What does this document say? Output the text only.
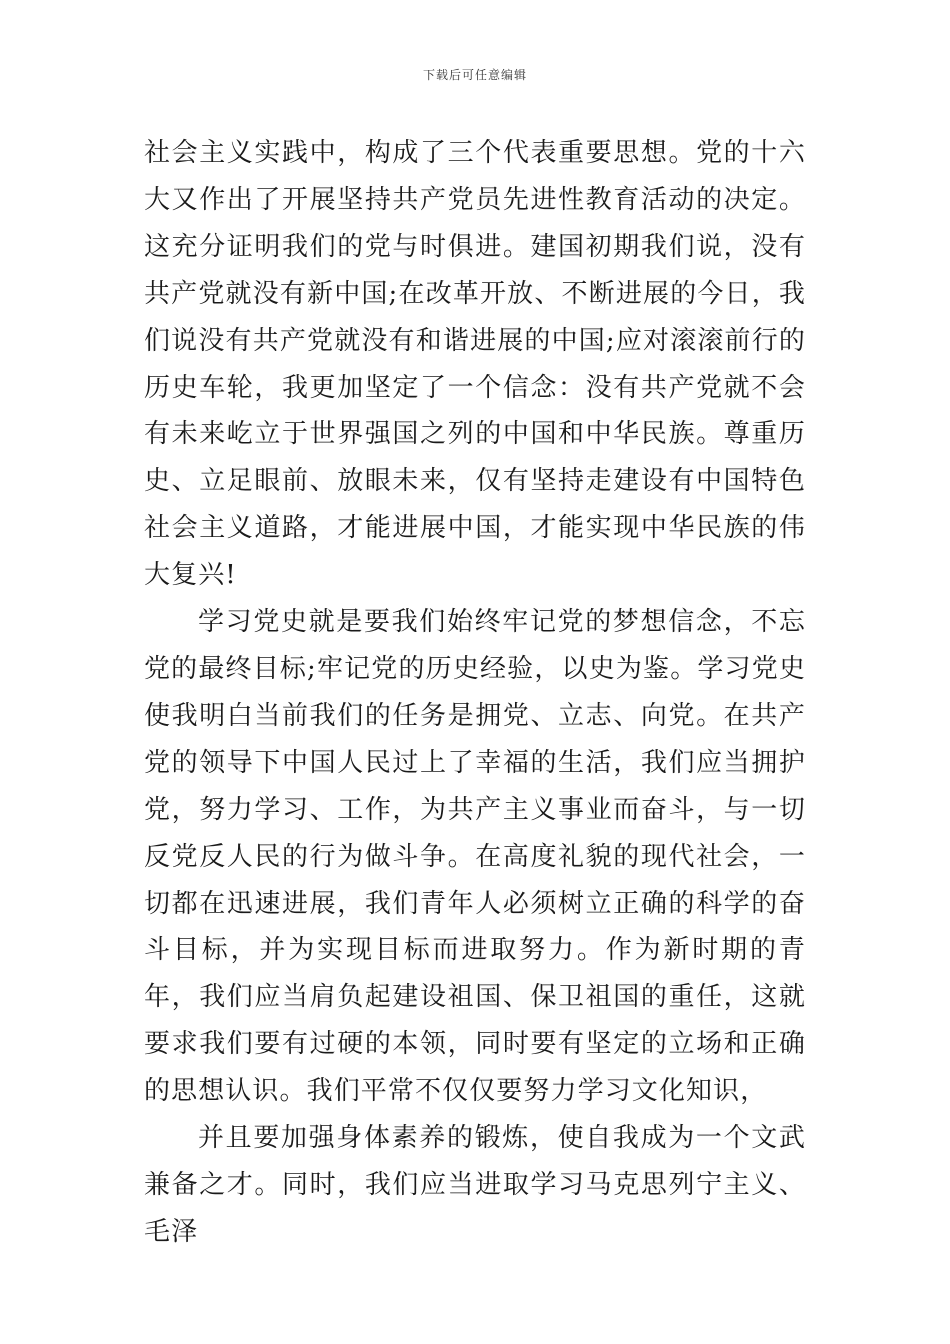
下载后可任意编辑

社会主义实践中，构成了三个代表重要思想。党的十六大又作出了开展坚持共产党员先进性教育活动的决定。这充分证明我们的党与时俱进。建国初期我们说，没有共产党就没有新中国;在改革开放、不断进展的今日，我们说没有共产党就没有和谐进展的中国;应对滚滚前行的历史车轮，我更加坚定了一个信念：没有共产党就不会有未来屹立于世界强国之列的中国和中华民族。尊重历史、立足眼前、放眼未来，仅有坚持走建设有中国特色社会主义道路，才能进展中国，才能实现中华民族的伟大复兴!

学习党史就是要我们始终牢记党的梦想信念，不忘党的最终目标;牢记党的历史经验，以史为鉴。学习党史使我明白当前我们的任务是拥党、立志、向党。在共产党的领导下中国人民过上了幸福的生活，我们应当拥护党，努力学习、工作，为共产主义事业而奋斗，与一切反党反人民的行为做斗争。在高度礼貌的现代社会，一切都在迅速进展，我们青年人必须树立正确的科学的奋斗目标，并为实现目标而进取努力。作为新时期的青年，我们应当肩负起建设祖国、保卫祖国的重任，这就要求我们要有过硬的本领，同时要有坚定的立场和正确的思想认识。我们平常不仅仅要努力学习文化知识，

并且要加强身体素养的锻炼，使自我成为一个文武兼备之才。同时，我们应当进取学习马克思列宁主义、毛泽
